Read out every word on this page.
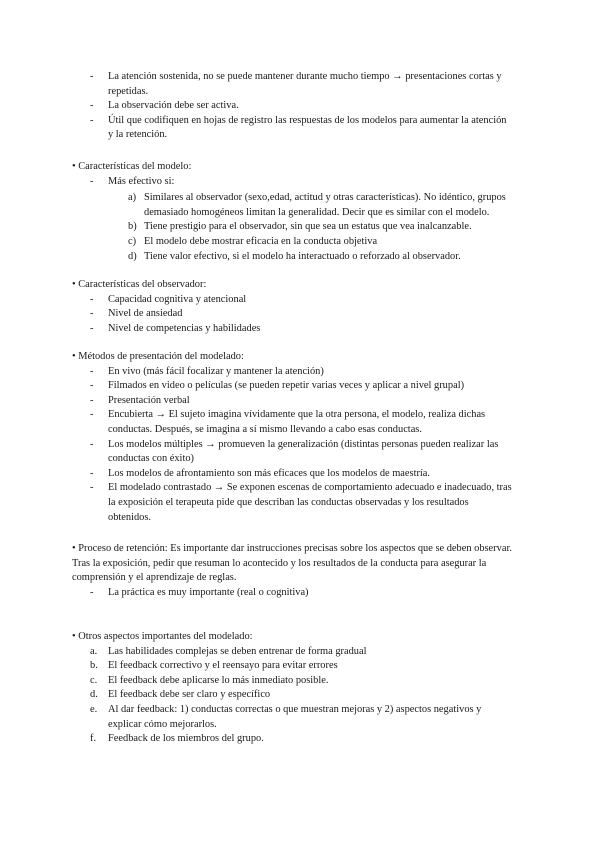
- La atención sostenida, no se puede mantener durante mucho tiempo → presentaciones cortas y repetidas.
- La observación debe ser activa.
- Útil que codifiquen en hojas de registro las respuestas de los modelos para aumentar la atención y la retención.

• Características del modelo:

- Más efectivo si:
a) Similares al observador (sexo,edad, actitud y otras características). No idéntico, grupos demasiado homogéneos limitan la generalidad. Decir que es similar con el modelo.
b) Tiene prestigio para el observador, sin que sea un estatus que vea inalcanzable.
c) El modelo debe mostrar eficacia en la conducta objetiva
d) Tiene valor efectivo, si el modelo ha interactuado o reforzado al observador.

• Características del observador:

- Capacidad cognitiva y atencional
- Nivel de ansiedad
- Nivel de competencias y habilidades

• Métodos de presentación del modelado:

- En vivo (más fácil focalizar y mantener la atención)
- Filmados en video o películas (se pueden repetir varias veces y aplicar a nivel grupal)
- Presentación verbal
- Encubierta → El sujeto imagina vívidamente que la otra persona, el modelo, realiza dichas conductas. Después, se imagina a sí mismo llevando a cabo esas conductas.
- Los modelos múltiples → promueven la generalización (distintas personas pueden realizar las conductas con éxito)
- Los modelos de afrontamiento son más eficaces que los modelos de maestría.
- El modelado contrastado → Se exponen escenas de comportamiento adecuado e inadecuado, tras la exposición el terapeuta pide que describan las conductas observadas y los resultados obtenidos.

• Proceso de retención: Es importante dar instrucciones precisas sobre los aspectos que se deben observar. Tras la exposición, pedir que resuman lo acontecido y los resultados de la conducta para asegurar la comprensión y el aprendizaje de reglas.

- La práctica es muy importante (real o cognitiva)

• Otros aspectos importantes del modelado:

a. Las habilidades complejas se deben entrenar de forma gradual
b. El feedback correctivo y el reensayo para evitar errores
c. El feedback debe aplicarse lo más inmediato posible.
d. El feedback debe ser claro y específico
e. Al dar feedback: 1) conductas correctas o que muestran mejoras y 2) aspectos negativos y explicar cómo mejorarlos.
f. Feedback de los miembros del grupo.
